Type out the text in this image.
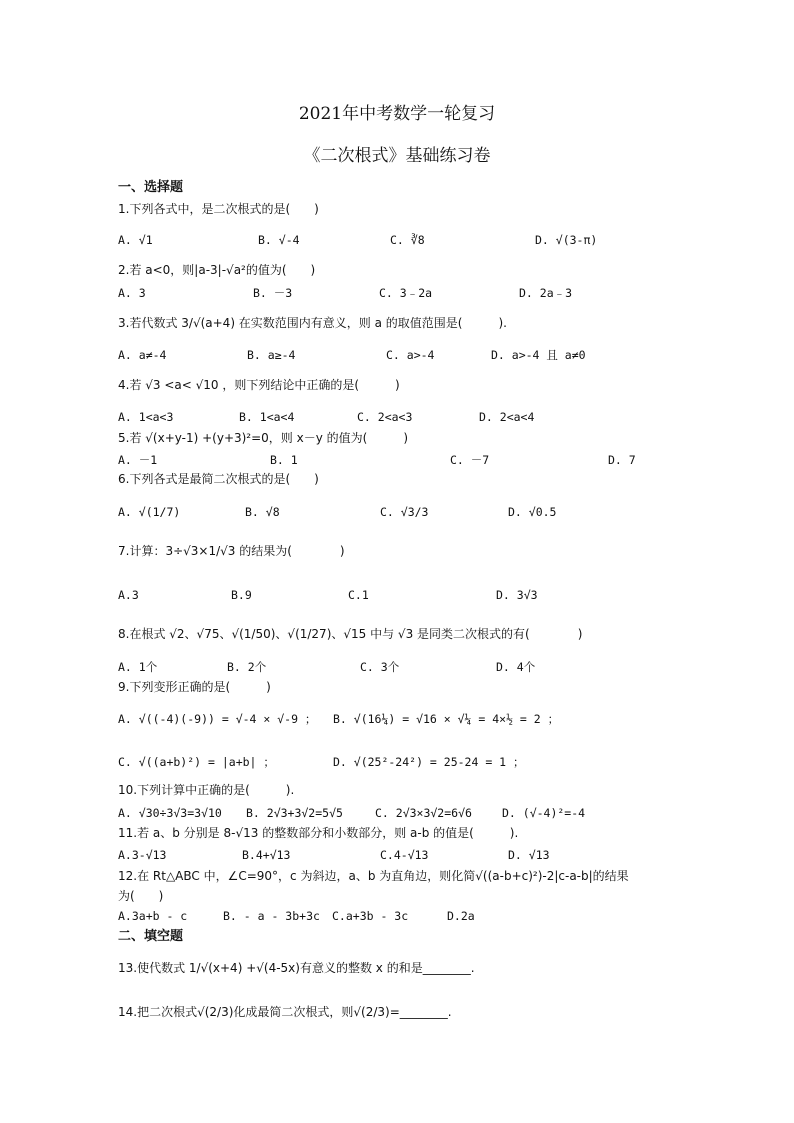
2021年中考数学一轮复习
《二次根式》基础练习卷
一、选择题
1.下列各式中，是二次根式的是(　　)
A. √1	B. √-4	C. ∛8	D. √(3-π)
2.若 a<0，则|a-3|-√a²的值为(　　)
A. 3	B. －3	C. 3﹣2a	D. 2a﹣3
3.若代数式 3/√(a+4) 在实数范围内有意义，则 a 的取值范围是(　　　).
A. a≠-4	B. a≥-4	C. a>-4	D. a>-4 且 a≠0
4.若 √3 <a< √10 ，则下列结论中正确的是(　　　)
A. 1<a<3	B. 1<a<4	C. 2<a<3	D. 2<a<4
5.若 √(x+y-1) +(y+3)²=0，则 x－y 的值为(　　　)
A. －1	B. 1	C. －7	D. 7
6.下列各式是最简二次根式的是(　　)
A. √(1/7)	B. √8	C. √3/3	D. √0.5
7.计算：3÷√3×1/√3 的结果为(　　　　)
A.3	B.9	C.1	D. 3√3
8.在根式 √2、√75、√(1/50)、√(1/27)、√15 中与 √3 是同类二次根式的有(　　　　)
A. 1个	B. 2个	C. 3个	D. 4个
9.下列变形正确的是(　　　)
A. √((-4)(-9)) = √-4 × √-9 ； B. √(16¼) = √16 × √¼ = 4×½ = 2 ；
C. √((a+b)²) = |a+b| ；	D. √(25²-24²) = 25-24 = 1 ；
10.下列计算中正确的是(　　　).
A. √30÷3√3=3√10 B. 2√3+3√2=5√5	C. 2√3×3√2=6√6	D. (√-4)²=-4
11.若 a、b 分别是 8-√13 的整数部分和小数部分，则 a-b 的值是(　　　).
A.3-√13	B.4+√13	C.4-√13	D. √13
12.在 Rt△ABC 中，∠C=90°，c 为斜边，a、b 为直角边，则化简√((a-b+c)²)-2|c-a-b|的结果
为(　　)
A.3a+b - c	B. - a - 3b+3c C.a+3b - 3c	D.2a
二、填空题
13.使代数式 1/√(x+4) +√(4-5x)有意义的整数 x 的和是________.
14.把二次根式√(2/3)化成最简二次根式，则√(2/3)=________.
